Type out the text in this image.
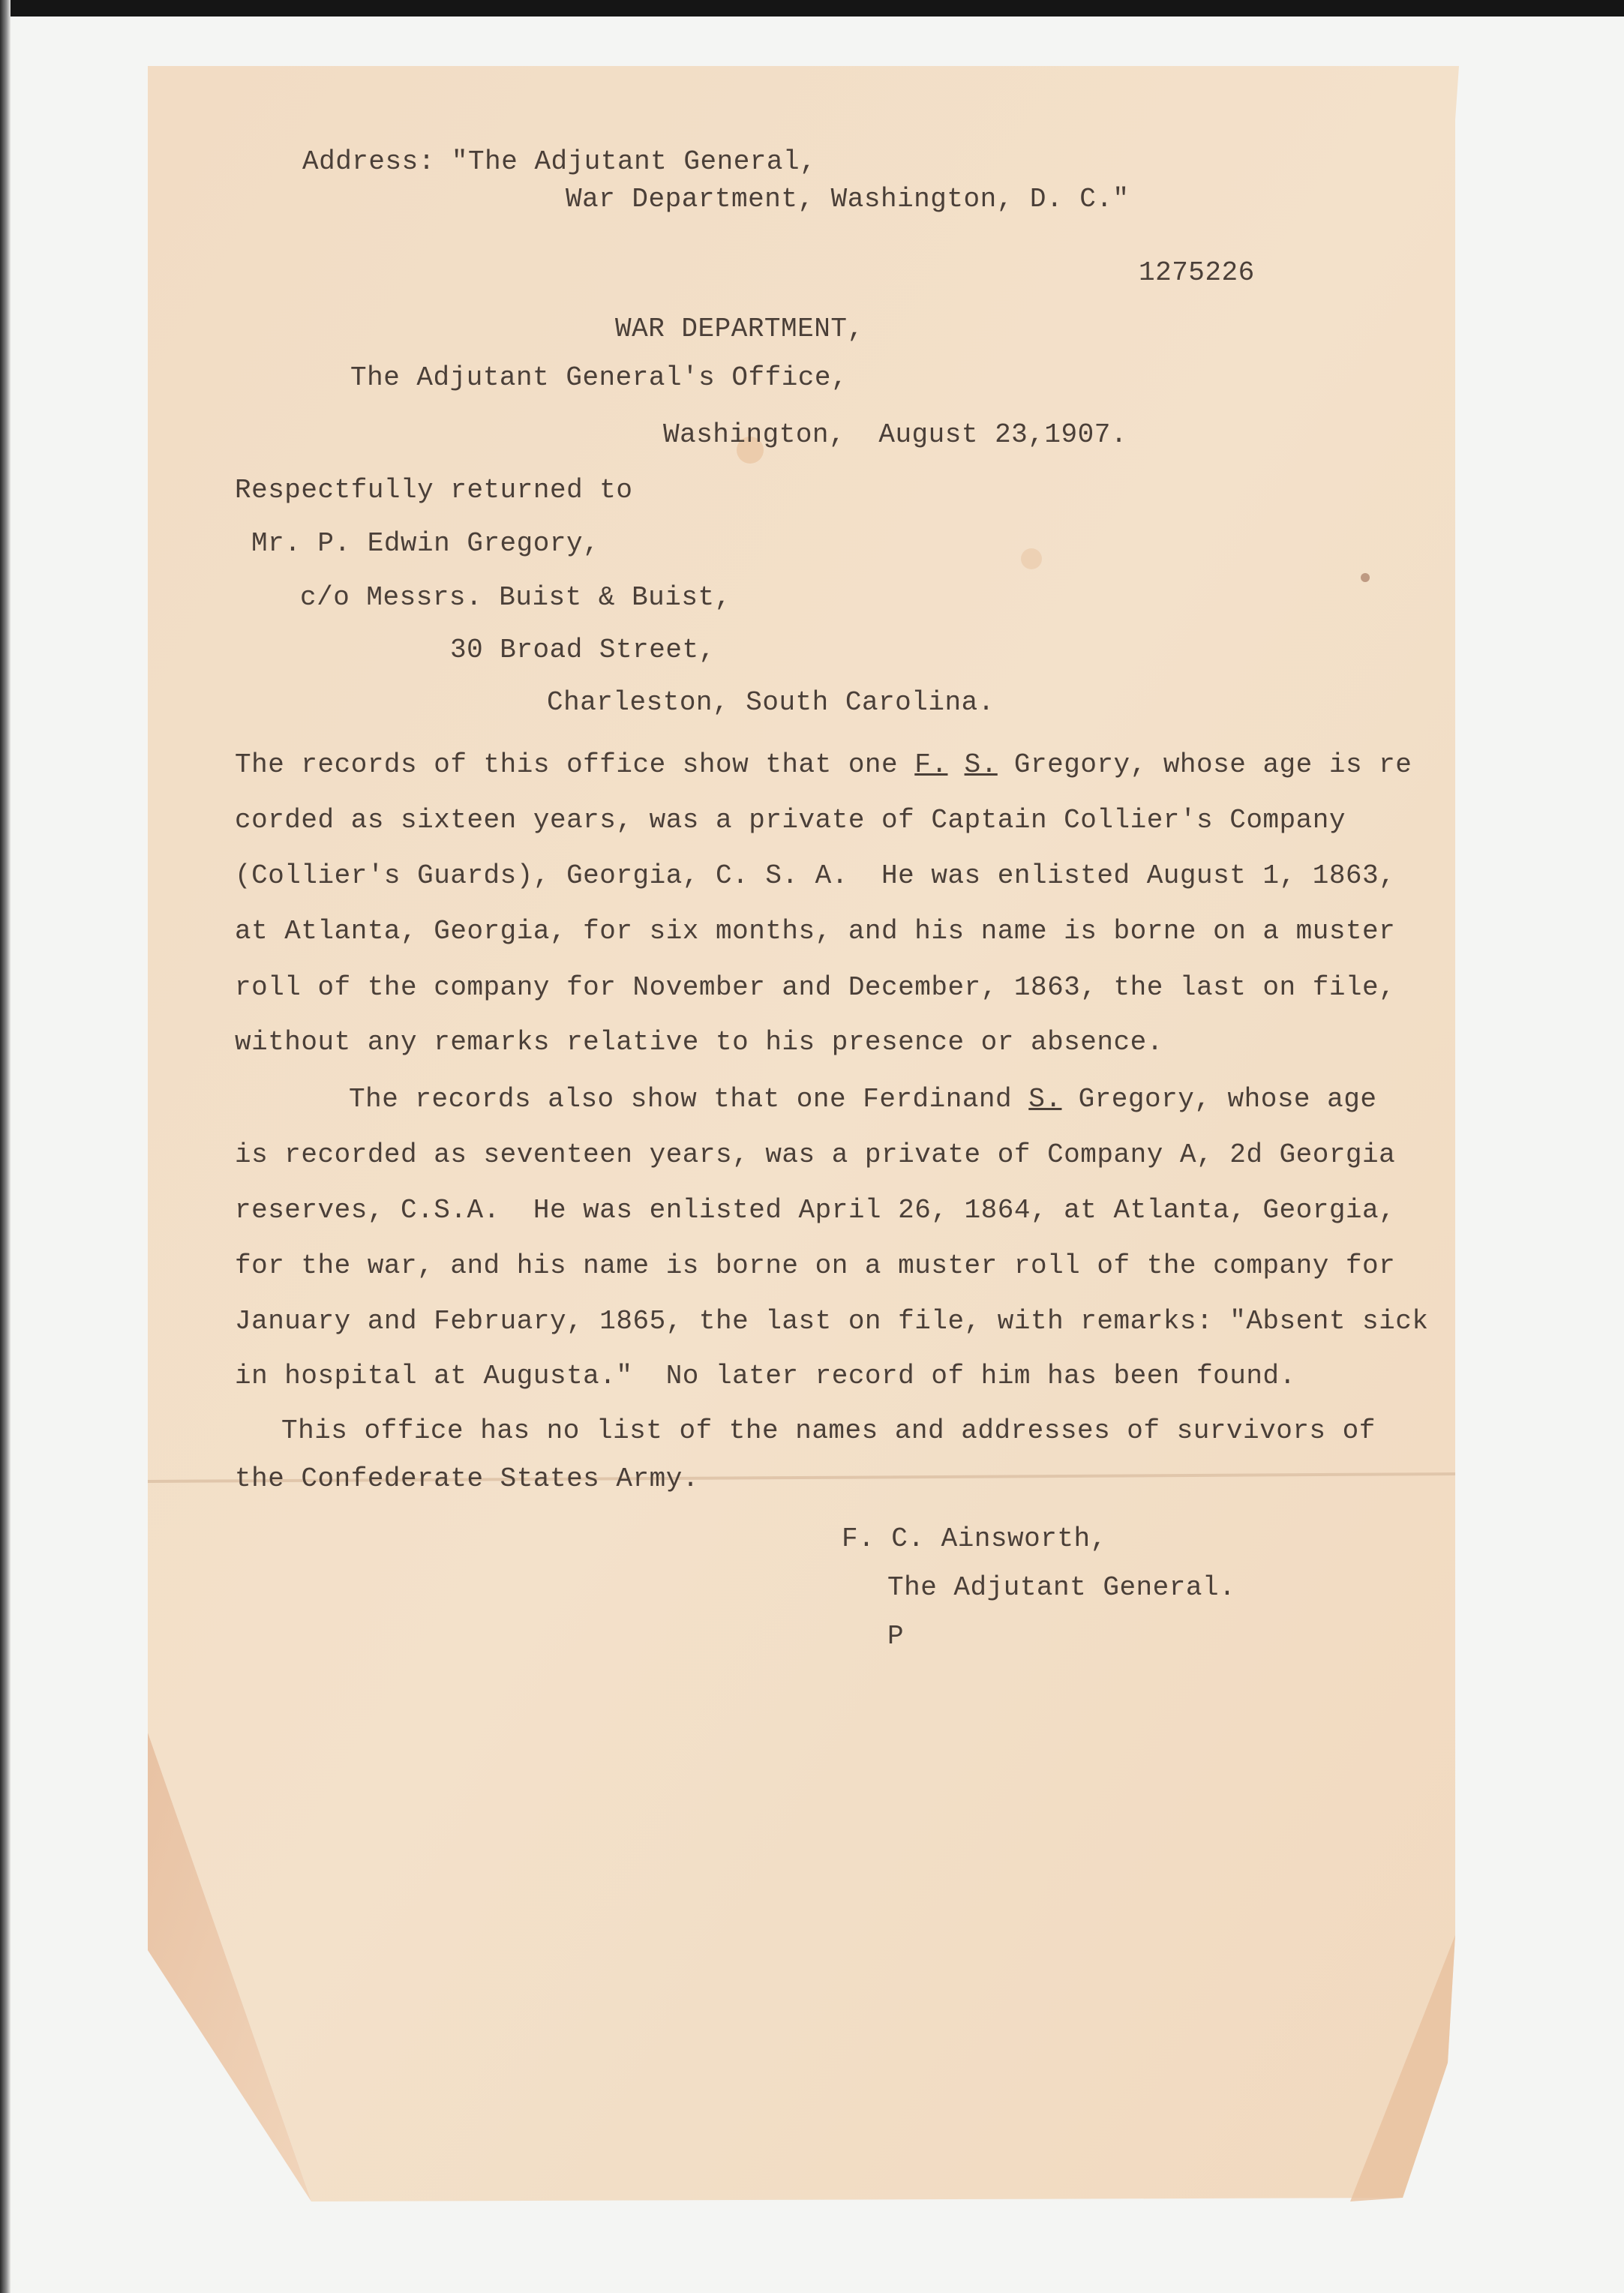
Address: "The Adjutant General,

War Department, Washington, D. C."

1275226

WAR DEPARTMENT,

The Adjutant General's Office,

Washington,  August 23,1907.

Respectfully returned to

Mr. P. Edwin Gregory,

c/o Messrs. Buist & Buist,

30 Broad Street,

Charleston, South Carolina.

The records of this office show that one F. S. Gregory, whose age is re

corded as sixteen years, was a private of Captain Collier's Company

(Collier's Guards), Georgia, C. S. A.  He was enlisted August 1, 1863,

at Atlanta, Georgia, for six months, and his name is borne on a muster

roll of the company for November and December, 1863, the last on file,

without any remarks relative to his presence or absence.

The records also show that one Ferdinand S. Gregory, whose age

is recorded as seventeen years, was a private of Company A, 2d Georgia

reserves, C.S.A.  He was enlisted April 26, 1864, at Atlanta, Georgia,

for the war, and his name is borne on a muster roll of the company for

January and February, 1865, the last on file, with remarks: "Absent sick

in hospital at Augusta."  No later record of him has been found.

This office has no list of the names and addresses of survivors of

the Confederate States Army.

F. C. Ainsworth,

The Adjutant General.

P
